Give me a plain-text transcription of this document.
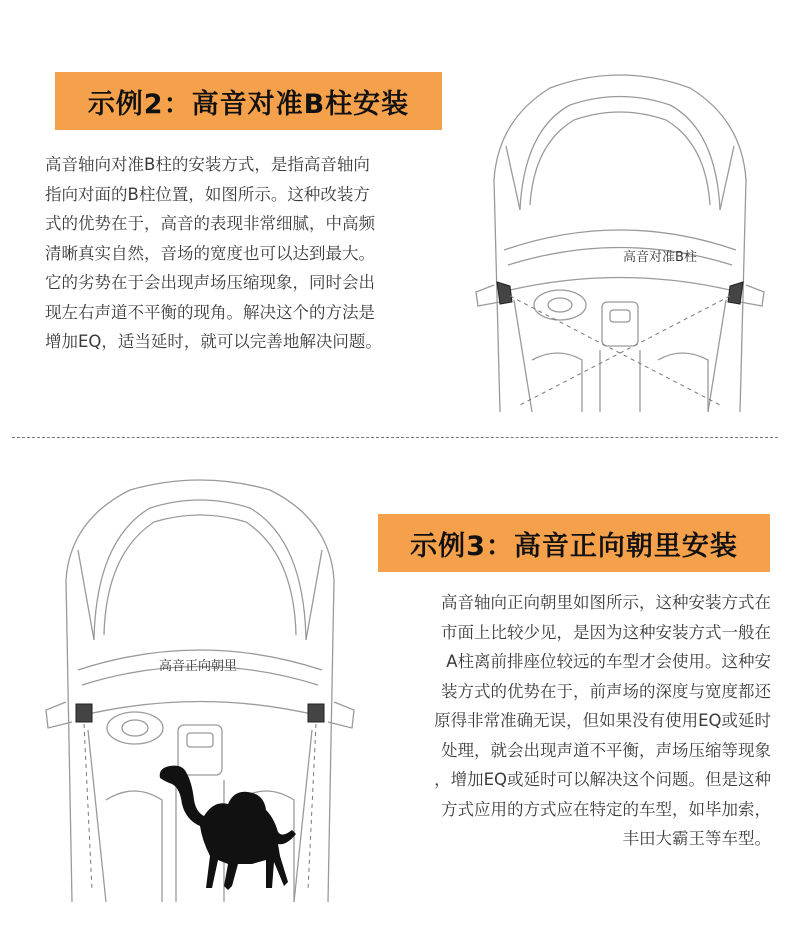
示例2：高音对准B柱安装

高音轴向对准B柱的安装方式，是指高音轴向
指向对面的B柱位置，如图所示。这种改装方
式的优势在于，高音的表现非常细腻，中高频
清晰真实自然，音场的宽度也可以达到最大。
它的劣势在于会出现声场压缩现象，同时会出
现左右声道不平衡的现角。解决这个的方法是
增加EQ，适当延时，就可以完善地解决问题。

高音对准B柱
高音正向朝里
示例3：高音正向朝里安装

高音轴向正向朝里如图所示，这种安装方式在
市面上比较少见，是因为这种安装方式一般在
A柱离前排座位较远的车型才会使用。这种安
装方式的优势在于，前声场的深度与宽度都还
原得非常准确无误，但如果没有使用EQ或延时
处理，就会出现声道不平衡，声场压缩等现象
，增加EQ或延时可以解决这个问题。但是这种
方式应用的方式应在特定的车型，如毕加索，
丰田大霸王等车型。
